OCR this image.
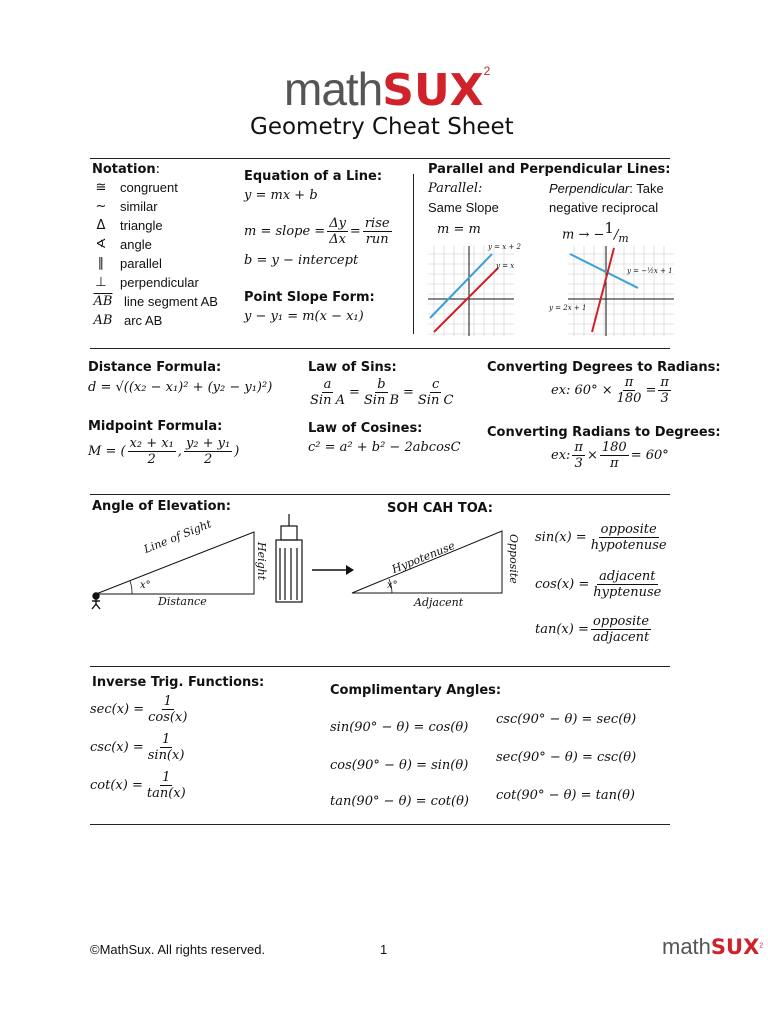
mathSUX$^2$
Geometry Cheat Sheet
Notation:
≅ congruent
~ similar
Δ	triangle
∢ angle
∥	parallel
⊥ perpendicular
$\overline{AB}$ line segment AB
AB arc AB
Equation of a Line:
y = mx + b
m = slope = $\frac{\Delta y}{\Delta x} = \frac{\text{rise}}{\text{run}}$
b = y − intercept
Point Slope Form:
y − y₁ = m(x − x₁)
Parallel and Perpendicular Lines:
Parallel:
Same Slope
m = m
Perpendicular: Take
negative reciprocal
$m \to -^1/_m$
y = x + 2
y = x
y = −½x + 1
y = 2x + 1
Distance Formula:
d = √((x₂ − x₁)² + (y₂ − y₁)²)
Midpoint Formula:
M = ( $\frac{\text{x₂ + x₁}}{2}$ , $\frac{\text{y₂ + y₁}}{2}$ )
Law of Sins:
$\frac{a}{\text{Sin A}} = \frac{b}{\text{Sin B}} = \frac{c}{\text{Sin C}}$
Law of Cosines:
c² = a² + b² − 2abcosC
Converting Degrees to Radians:
ex: $60^\circ \times \frac{\pi}{180} = \frac{\pi}{3}$
Converting Radians to Degrees:
ex: $\frac{\pi}{3} \times \frac{180}{\pi} = 60^\circ$
Angle of Elevation:
Line of Sight
Height
Distance
x°
SOH CAH TOA:
Hypotenuse	Opposite
Adjacent
x°
$\sin(x) = \frac{\text{opposite}}{\text{hypotenuse}}$
$\cos(x) = \frac{\text{adjacent}}{\text{hyptenuse}}$
$\tan(x) = \frac{\text{opposite}}{\text{adjacent}}$
Inverse Trig. Functions:
$\sec(x) = \frac{1}{\cos(x)}$
$\csc(x) = \frac{1}{\sin(x)}$
$\cot(x) = \frac{1}{\tan(x)}$
Complimentary Angles:
sin(90° − θ) = cos(θ)
cos(90° − θ) = sin(θ)
tan(90° − θ) = cot(θ)
csc(90° − θ) = sec(θ)
sec(90° − θ) = csc(θ)
cot(90° − θ) = tan(θ)
©MathSux. All rights reserved.	1	mathSUX$^2$
